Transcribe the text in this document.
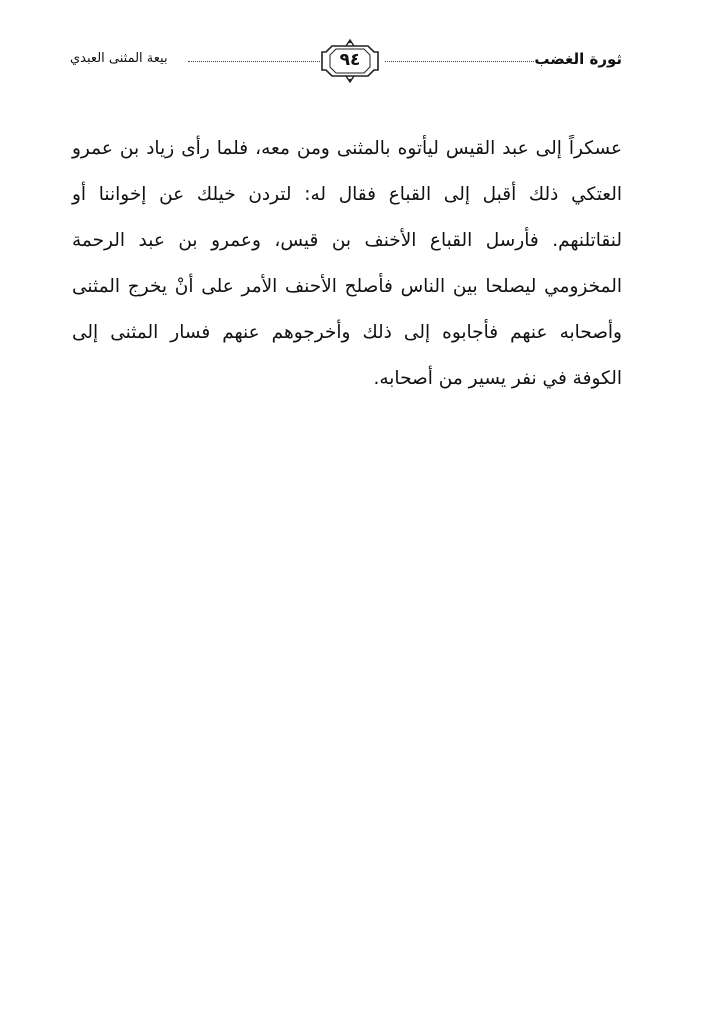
ثورة الغضب
٩٤
بيعة المثنى العبدي
عسكراً إلى عبد القيس ليأتوه بالمثنى ومن معه، فلما رأى زياد بن عمرو
العتكي ذلك أقبل إلى القباع فقال له: لتردن خيلك عن إخواننا أو
لنقاتلنهم. فأرسل القباع الأخنف بن قيس، وعمرو بن عبد الرحمة
المخزومي ليصلحا بين الناس فأصلح الأحنف الأمر على أنْ يخرج المثنى
وأصحابه عنهم فأجابوه إلى ذلك وأخرجوهم عنهم فسار المثنى إلى
الكوفة في نفر يسير من أصحابه.
